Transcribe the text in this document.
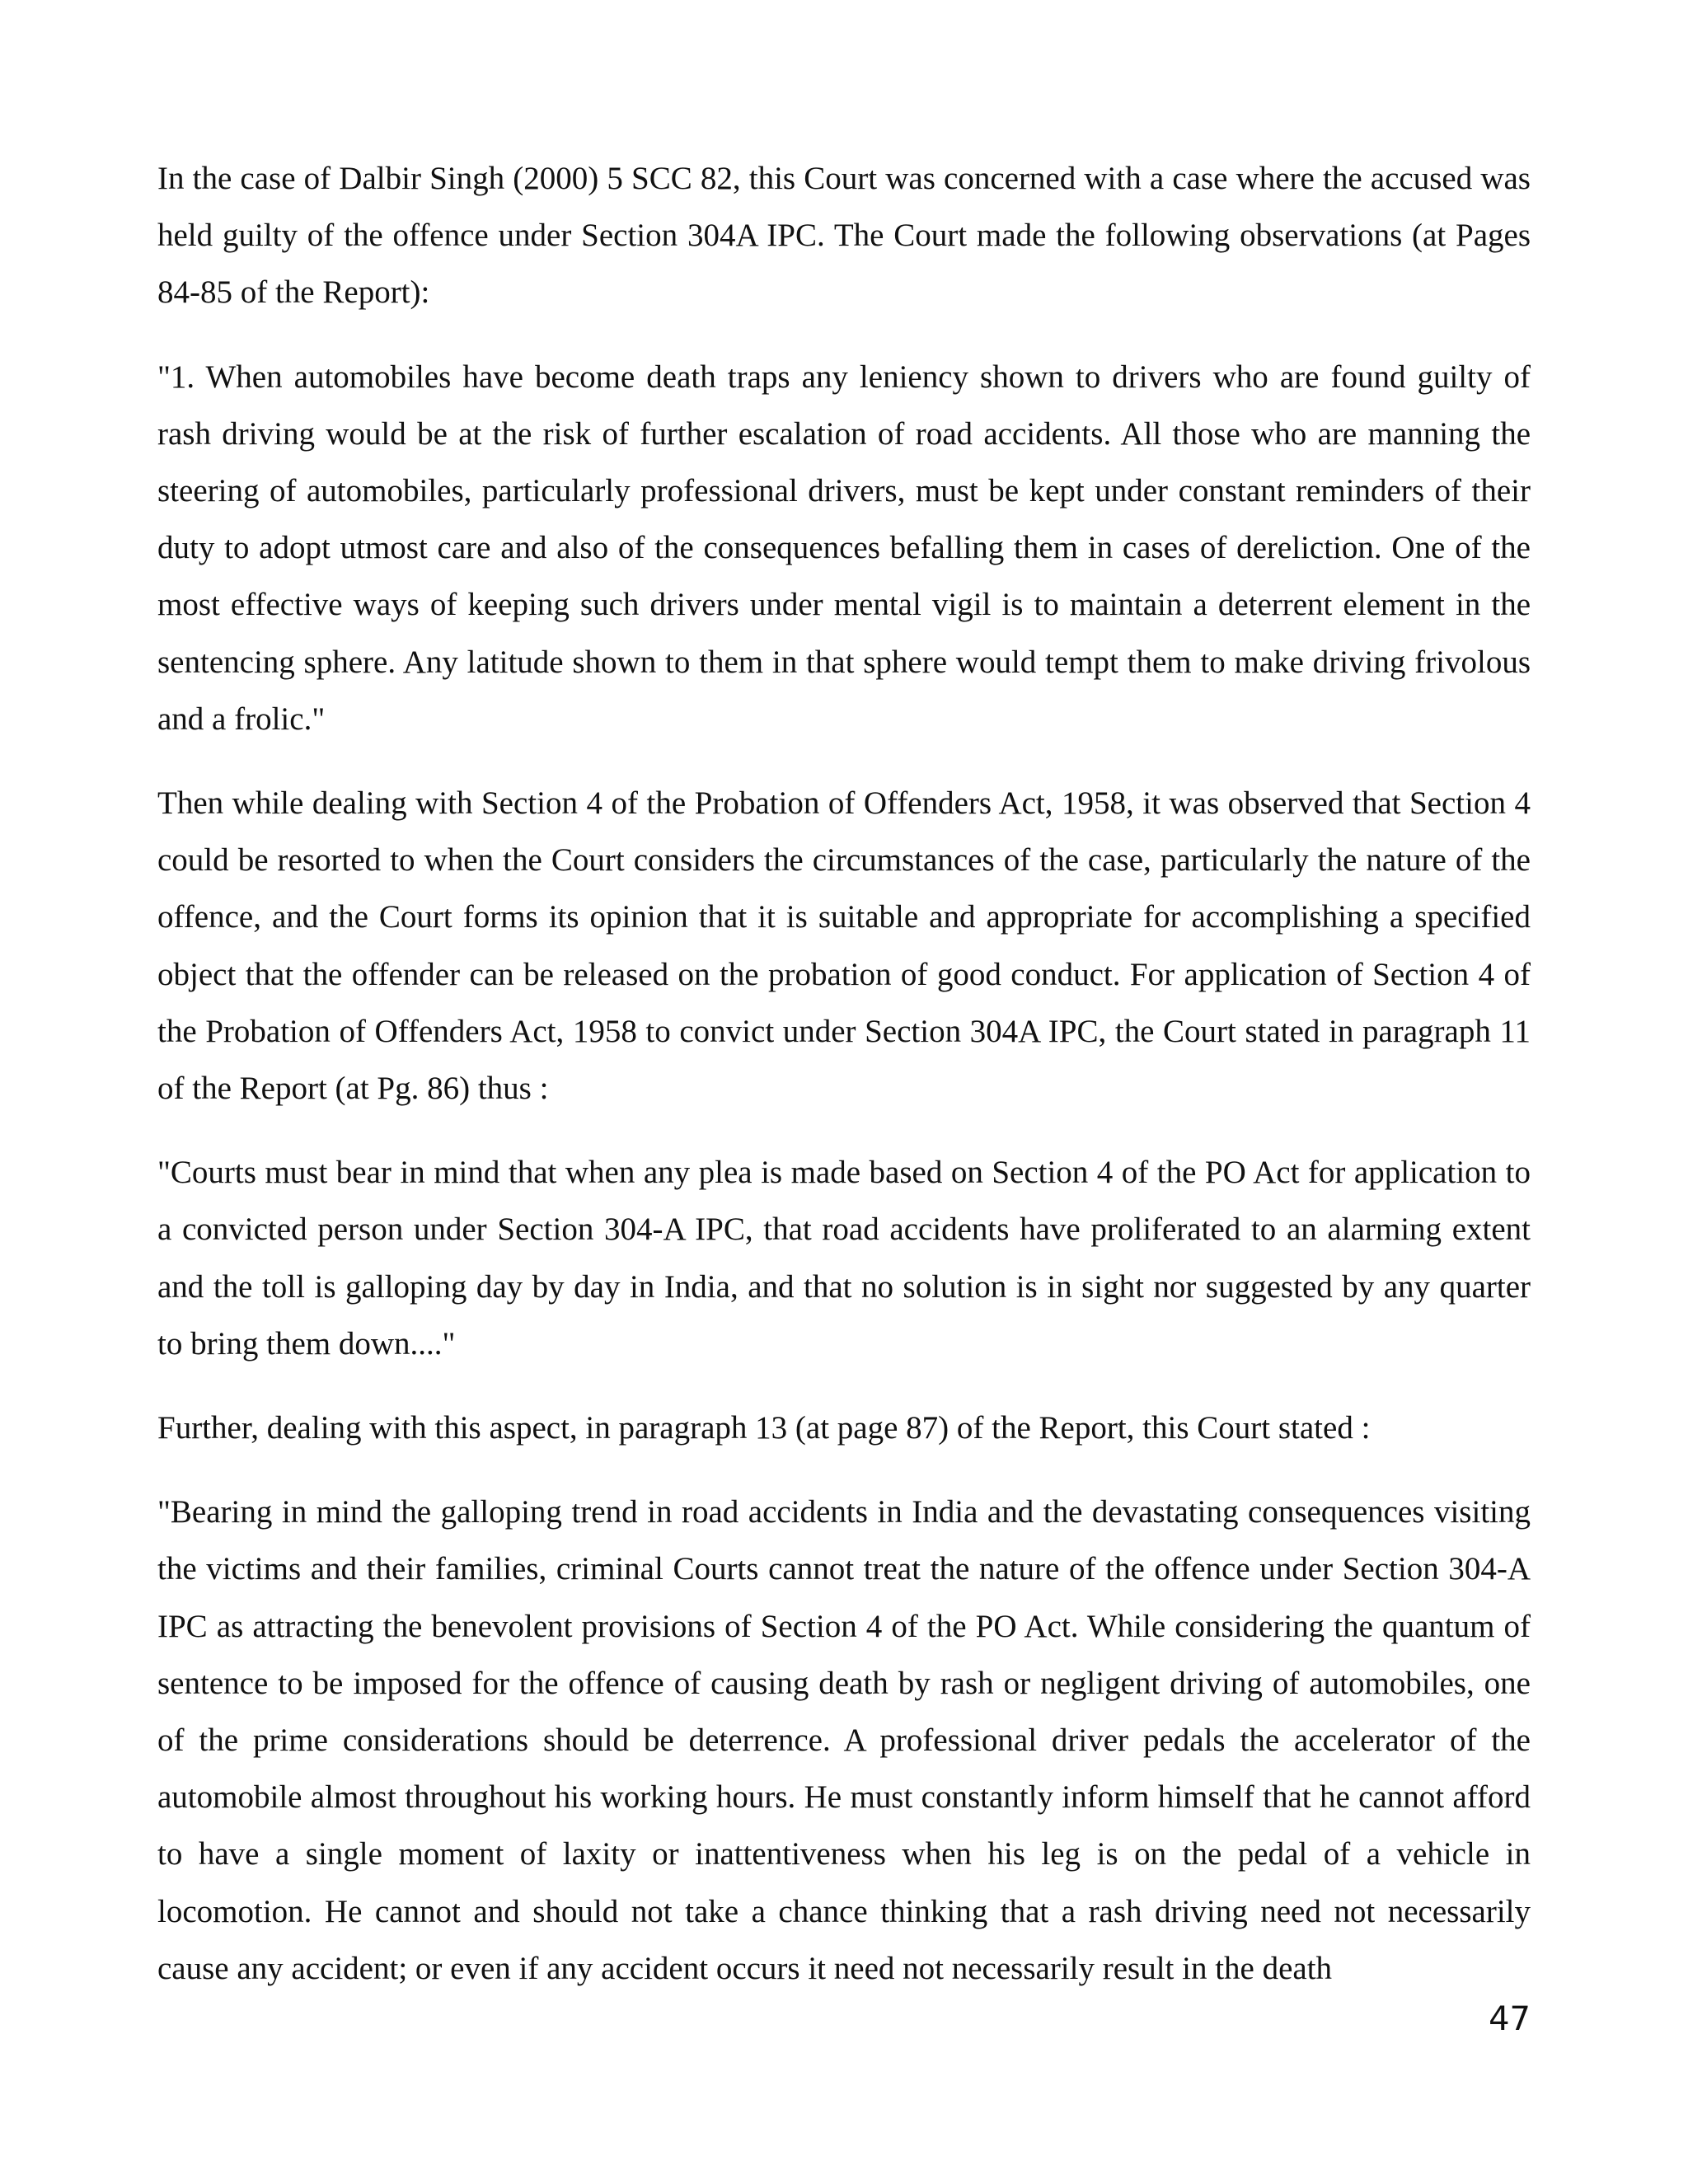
In the case of Dalbir Singh (2000) 5 SCC 82, this Court was concerned with a case where the accused was held guilty of the offence under Section 304A IPC. The Court made the following observations (at Pages 84-85 of the Report):

"1. When automobiles have become death traps any leniency shown to drivers who are found guilty of rash driving would be at the risk of further escalation of road accidents. All those who are manning the steering of automobiles, particularly professional drivers, must be kept under constant reminders of their duty to adopt utmost care and also of the consequences befalling them in cases of dereliction. One of the most effective ways of keeping such drivers under mental vigil is to maintain a deterrent element in the sentencing sphere. Any latitude shown to them in that sphere would tempt them to make driving frivolous and a frolic."

Then while dealing with Section 4 of the Probation of Offenders Act, 1958, it was observed that Section 4 could be resorted to when the Court considers the circumstances of the case, particularly the nature of the offence, and the Court forms its opinion that it is suitable and appropriate for accomplishing a specified object that the offender can be released on the probation of good conduct. For application of Section 4 of the Probation of Offenders Act, 1958 to convict under Section 304A IPC, the Court stated in paragraph 11 of the Report (at Pg. 86) thus :

"Courts must bear in mind that when any plea is made based on Section 4 of the PO Act for application to a convicted person under Section 304-A IPC, that road accidents have proliferated to an alarming extent and the toll is galloping day by day in India, and that no solution is in sight nor suggested by any quarter to bring them down...."

Further, dealing with this aspect, in paragraph 13 (at page 87) of the Report, this Court stated :

"Bearing in mind the galloping trend in road accidents in India and the devastating consequences visiting the victims and their families, criminal Courts cannot treat the nature of the offence under Section 304-A IPC as attracting the benevolent provisions of Section 4 of the PO Act. While considering the quantum of sentence to be imposed for the offence of causing death by rash or negligent driving of automobiles, one of the prime considerations should be deterrence. A professional driver pedals the accelerator of the automobile almost throughout his working hours. He must constantly inform himself that he cannot afford to have a single moment of laxity or inattentiveness when his leg is on the pedal of a vehicle in locomotion. He cannot and should not take a chance thinking that a rash driving need not necessarily cause any accident; or even if any accident occurs it need not necessarily result in the death

47
